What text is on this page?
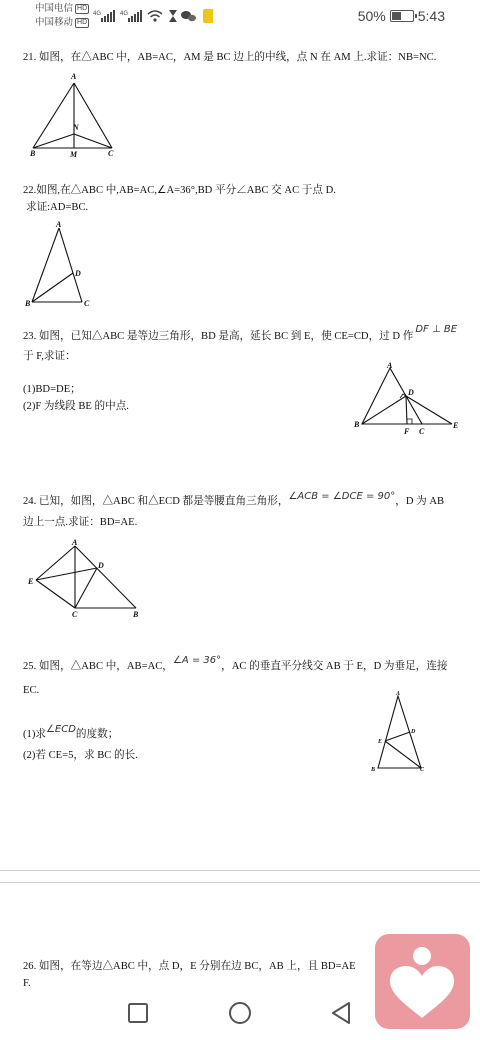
中国电信 HD
中国移动 HD
4G	4G	50% 5:43
21. 如图，在△ABC 中，AB=AC，AM 是 BC 边上的中线，点 N 在 AM 上.求证：NB=NC.
A
N
B	M	C
22.如图,在△ABC 中,AB=AC,∠A=36°,BD 平分∠ABC 交 AC 于点 D.
求证:AD=BC.
A
D
B	C
23. 如图，已知△ABC 是等边三角形，BD 是高，延长 BC 到 E，使 CE=CD，过 D 作DF ⊥ BE
于 F,求证：
(1)BD=DE；
(2)F 为线段 BE 的中点.
A
D
B
F C
E
24. 已知，如图，△ABC 和△ECD 都是等腰直角三角形，∠ACB = ∠DCE = 90°，D 为 AB
边上一点.求证：BD=AE.
A
D
E
C	B
25. 如图，△ABC 中，AB=AC，∠A = 36°，AC 的垂直平分线交 AB 于 E，D 为垂足，连接
EC.
(1)求∠ECD的度数；
(2)若 CE=5，求 BC 的长.
A
D
E
B	C
26. 如图，在等边△ABC 中，点 D，E 分别在边 BC，AB 上，且 BD=AE
F.
